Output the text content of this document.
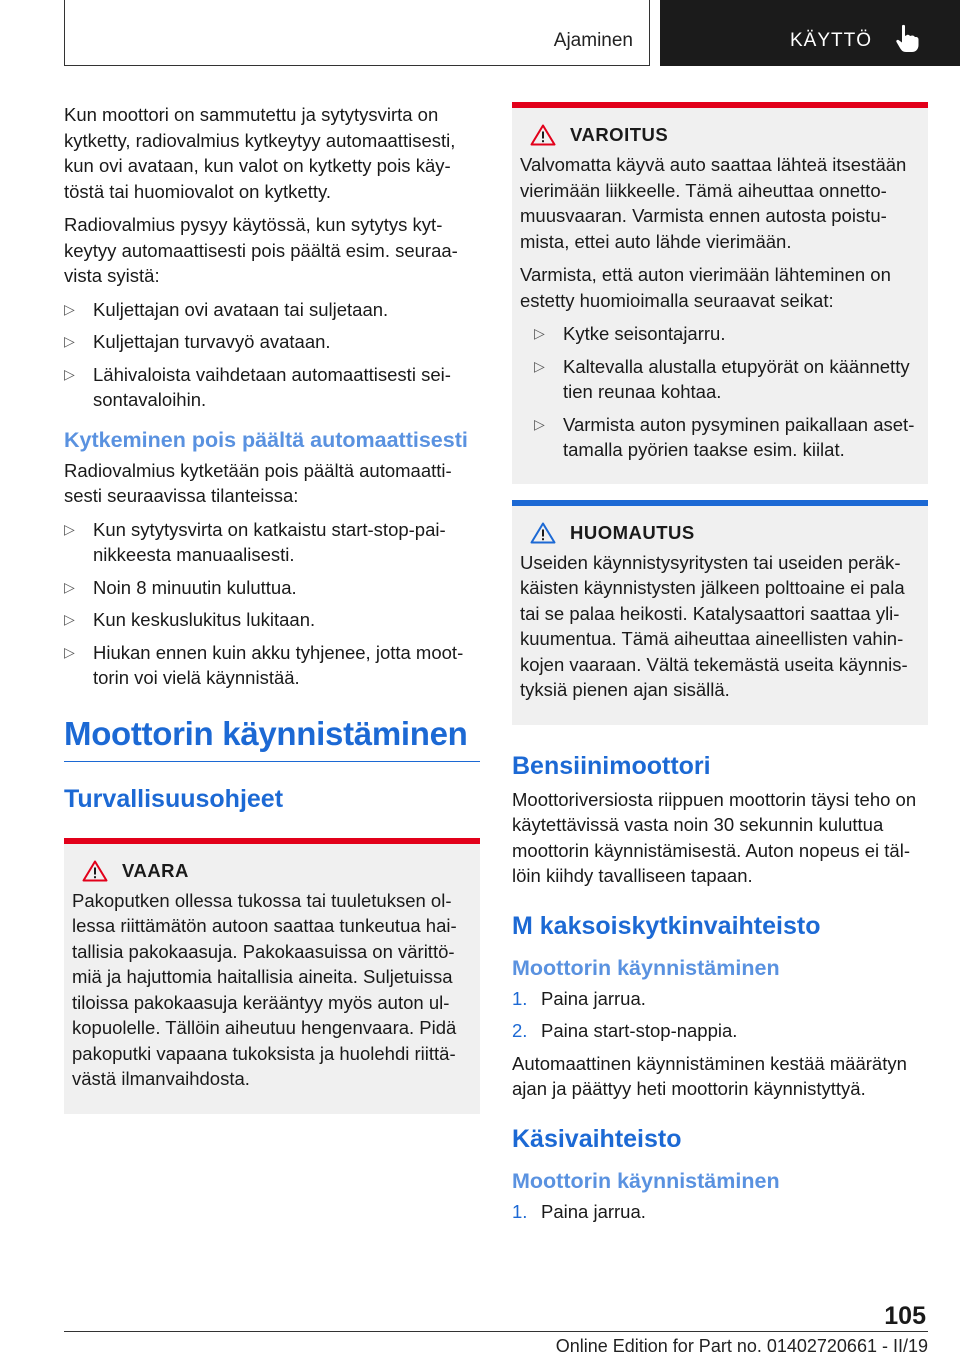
Ajaminen	KÄYTTÖ

Kun moottori on sammutettu ja sytytysvirta on kytketty, radiovalmius kytkeytyy automaattisesti, kun ovi avataan, kun valot on kytketty pois käytöstä tai huomiovalot on kytketty.

Radiovalmius pysyy käytössä, kun sytytys kytkeytyy automaattisesti pois päältä esim. seuraavista syistä:

▷ Kuljettajan ovi avataan tai suljetaan.
▷ Kuljettajan turvavyö avataan.
▷ Lähivaloista vaihdetaan automaattisesti seisontavaloihin.
Kytkeminen pois päältä automaattisesti

Radiovalmius kytketään pois päältä automaattisesti seuraavissa tilanteissa:

▷ Kun sytytysvirta on katkaistu start-stop-painikkeesta manuaalisesti.
▷ Noin 8 minuutin kuluttua.
▷ Kun keskuslukitus lukitaan.
▷ Hiukan ennen kuin akku tyhjenee, jotta moottorin voi vielä käynnistää.
Moottorin käynnistäminen
Turvallisuusohjeet
VAARA

Pakoputken ollessa tukossa tai tuuletuksen ollessa riittämätön autoon saattaa tunkeutua haitallisia pakokaasuja. Pakokaasuissa on värittömiä ja hajuttomia haitallisia aineita. Suljetuissa tiloissa pakokaasuja kerääntyy myös auton ulkopuolelle. Tällöin aiheutuu hengenvaara. Pidä pakoputki vapaana tukoksista ja huolehdi riittävästä ilmanvaihdosta.

VAROITUS

Valvomatta käyvä auto saattaa lähteä itsestään vierimään liikkeelle. Tämä aiheuttaa onnettomuusvaaran. Varmista ennen autosta poistumista, ettei auto lähde vierimään.

Varmista, että auton vierimään lähteminen on estetty huomioimalla seuraavat seikat:

▷ Kytke seisontajarru.
▷ Kaltevalla alustalla etupyörät on käännetty tien reunaa kohtaa.
▷ Varmista auton pysyminen paikallaan asettamalla pyörien taakse esim. kiilat.
HUOMAUTUS

Useiden käynnistysyritysten tai useiden peräkkäisten käynnistysten jälkeen polttoaine ei pala tai se palaa heikosti. Katalysaattori saattaa ylikuumentua. Tämä aiheuttaa aineellisten vahinkojen vaaraan. Vältä tekemästä useita käynnistyksiä pienen ajan sisällä.

Bensiinimoottori

Moottoriversiosta riippuen moottorin täysi teho on käytettävissä vasta noin 30 sekunnin kuluttua moottorin käynnistämisestä. Auton nopeus ei tällöin kiihdy tavalliseen tapaan.

M kaksoiskytkinvaihteisto
Moottorin käynnistäminen
1. Paina jarrua.
2. Paina start-stop-nappia.

Automaattinen käynnistäminen kestää määrätyn ajan ja päättyy heti moottorin käynnistyttyä.

Käsivaihteisto
Moottorin käynnistäminen
1. Paina jarrua.
105
Online Edition for Part no. 01402720661 - II/19
